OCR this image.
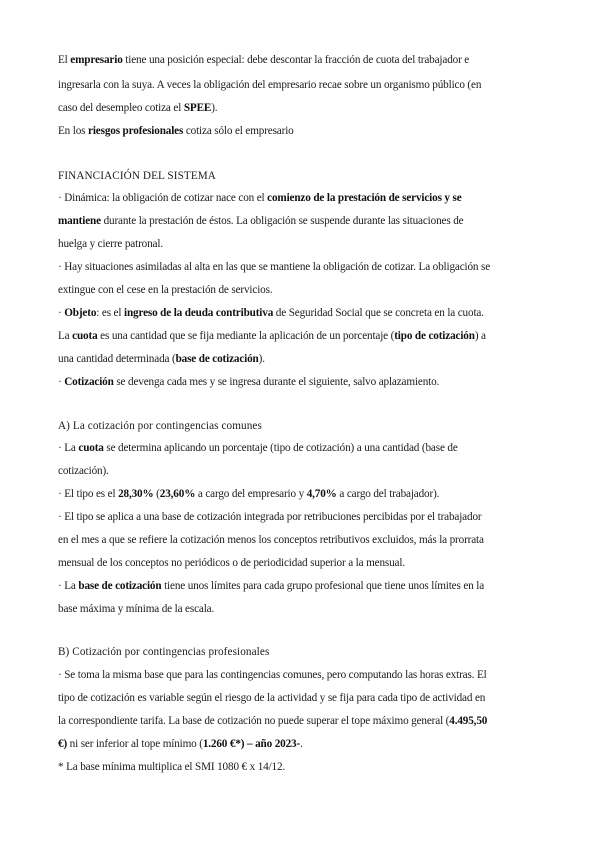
El empresario tiene una posición especial: debe descontar la fracción de cuota del trabajador e
ingresarla con la suya. A veces la obligación del empresario recae sobre un organismo público (en
caso del desempleo cotiza el SPEE).
En los riesgos profesionales cotiza sólo el empresario
FINANCIACIÓN DEL SISTEMA
· Dinámica: la obligación de cotizar nace con el comienzo de la prestación de servicios y se
mantiene durante la prestación de éstos. La obligación se suspende durante las situaciones de
huelga y cierre patronal.
· Hay situaciones asimiladas al alta en las que se mantiene la obligación de cotizar. La obligación se
extingue con el cese en la prestación de servicios.
· Objeto: es el ingreso de la deuda contributiva de Seguridad Social que se concreta en la cuota.
La cuota es una cantidad que se fija mediante la aplicación de un porcentaje (tipo de cotización) a
una cantidad determinada (base de cotización).
· Cotización se devenga cada mes y se ingresa durante el siguiente, salvo aplazamiento.
A) La cotización por contingencias comunes
· La cuota se determina aplicando un porcentaje (tipo de cotización) a una cantidad (base de
cotización).
· El tipo es el 28,30% (23,60% a cargo del empresario y 4,70% a cargo del trabajador).
· El tipo se aplica a una base de cotización integrada por retribuciones percibidas por el trabajador
en el mes a que se refiere la cotización menos los conceptos retributivos excluidos, más la prorrata
mensual de los conceptos no periódicos o de periodicidad superior a la mensual.
· La base de cotización tiene unos límites para cada grupo profesional que tiene unos límites en la
base máxima y mínima de la escala.
B) Cotización por contingencias profesionales
· Se toma la misma base que para las contingencias comunes, pero computando las horas extras. El
tipo de cotización es variable según el riesgo de la actividad y se fija para cada tipo de actividad en
la correspondiente tarifa. La base de cotización no puede superar el tope máximo general (4.495,50
€) ni ser inferior al tope mínimo (1.260 €*) – año 2023-.
* La base mínima multiplica el SMI 1080 € x 14/12.
